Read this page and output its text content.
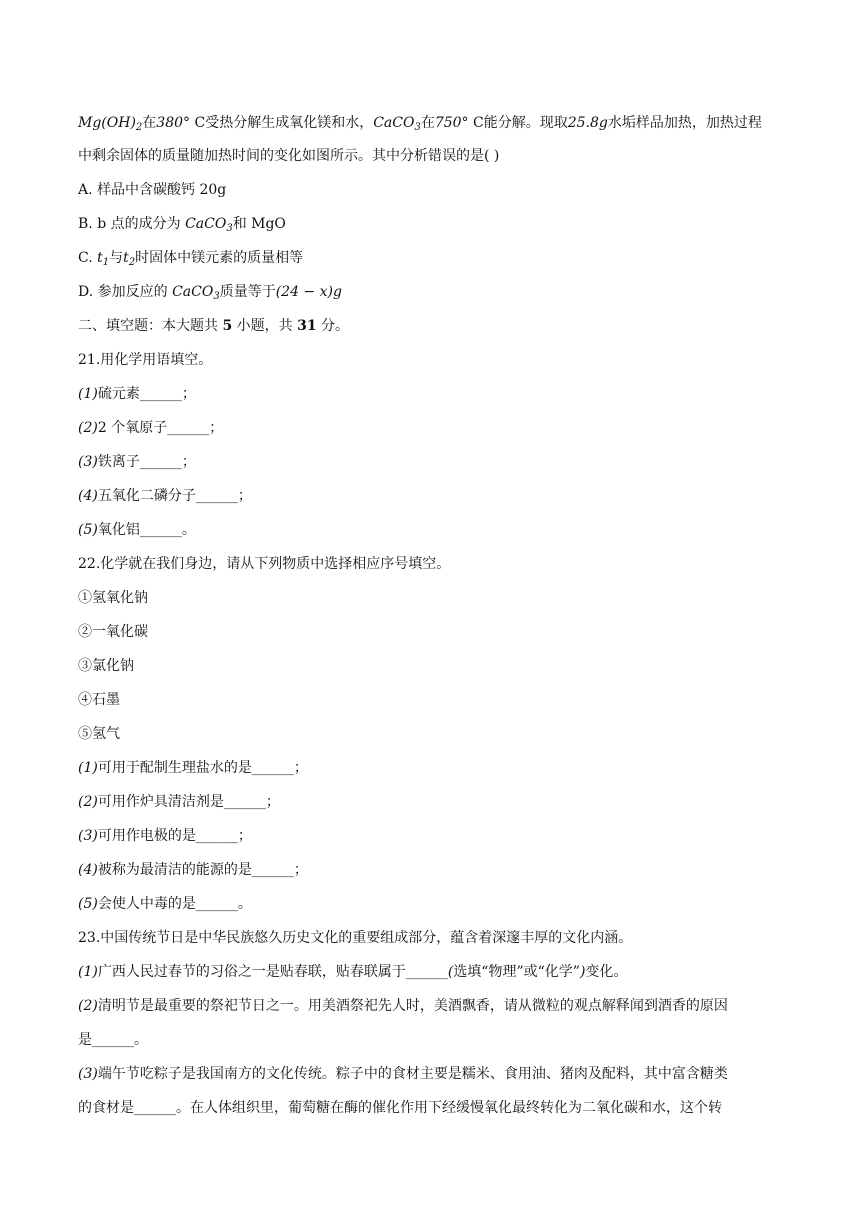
$Mg(OH)_2$在380° C受热分解生成氧化镁和水，CaCO$_3$在750° C能分解。现取25.8g水垢样品加热，加热过程
中剩余固体的质量随加热时间的变化如图所示。其中分析错误的是( )
A. 样品中含碳酸钙 20g
B. b 点的成分为 CaCO$_3$和 MgO
C. $t_1$与$t_2$时固体中镁元素的质量相等
D. 参加反应的 CaCO$_3$质量等于(24 − x)g
二、填空题：本大题共 5 小题，共 31 分。
21.用化学用语填空。
(1)硫元素______；
(2)2 个氧原子______；
(3)铁离子______；
(4)五氧化二磷分子______；
(5)氧化铝______。
22.化学就在我们身边，请从下列物质中选择相应序号填空。
①氢氧化钠
②一氧化碳
③氯化钠
④石墨
⑤氢气
(1)可用于配制生理盐水的是______；
(2)可用作炉具清洁剂是______；
(3)可用作电极的是______；
(4)被称为最清洁的能源的是______；
(5)会使人中毒的是______。
23.中国传统节日是中华民族悠久历史文化的重要组成部分，蕴含着深邃丰厚的文化内涵。
(1)广西人民过春节的习俗之一是贴春联，贴春联属于______(选填“物理”或“化学”)变化。
(2)清明节是最重要的祭祀节日之一。用美酒祭祀先人时，美酒飘香，请从微粒的观点解释闻到酒香的原因
是______。
(3)端午节吃粽子是我国南方的文化传统。粽子中的食材主要是糯米、食用油、猪肉及配料，其中富含糖类
的食材是______。在人体组织里，葡萄糖在酶的催化作用下经缓慢氧化最终转化为二氧化碳和水，这个转
